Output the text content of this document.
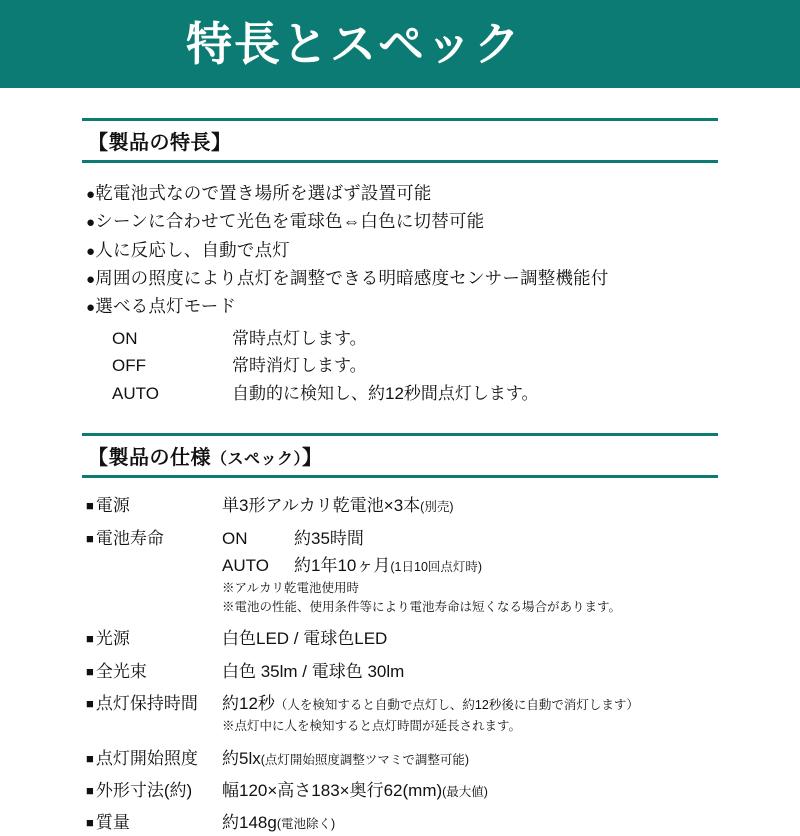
特長とスペック
【製品の特長】
●乾電池式なので置き場所を選ばず設置可能
●シーンに合わせて光色を電球色⇔白色に切替可能
●人に反応し、自動で点灯
●周囲の照度により点灯を調整できる明暗感度センサー調整機能付
●選べる点灯モード
ON	常時点灯します。
OFF	常時消灯します。
AUTO	自動的に検知し、約12秒間点灯します。
【製品の仕様（スペック）】
■ 電源	単3形アルカリ乾電池×3本(別売)
■ 電池寿命	ON	約35時間
AUTO	約1年10ヶ月(1日10回点灯時)
※アルカリ乾電池使用時
※電池の性能、使用条件等により電池寿命は短くなる場合があります。
■ 光源	白色LED / 電球色LED
■ 全光束	白色 35lm / 電球色 30lm
■ 点灯保持時間	約12秒（人を検知すると自動で点灯し、約12秒後に自動で消灯します）
※点灯中に人を検知すると点灯時間が延長されます。
■ 点灯開始照度	約5lx(点灯開始照度調整ツマミで調整可能)
■ 外形寸法(約)	幅120×高さ183×奥行62(mm)(最大値)
■ 質量	約148g(電池除く)
